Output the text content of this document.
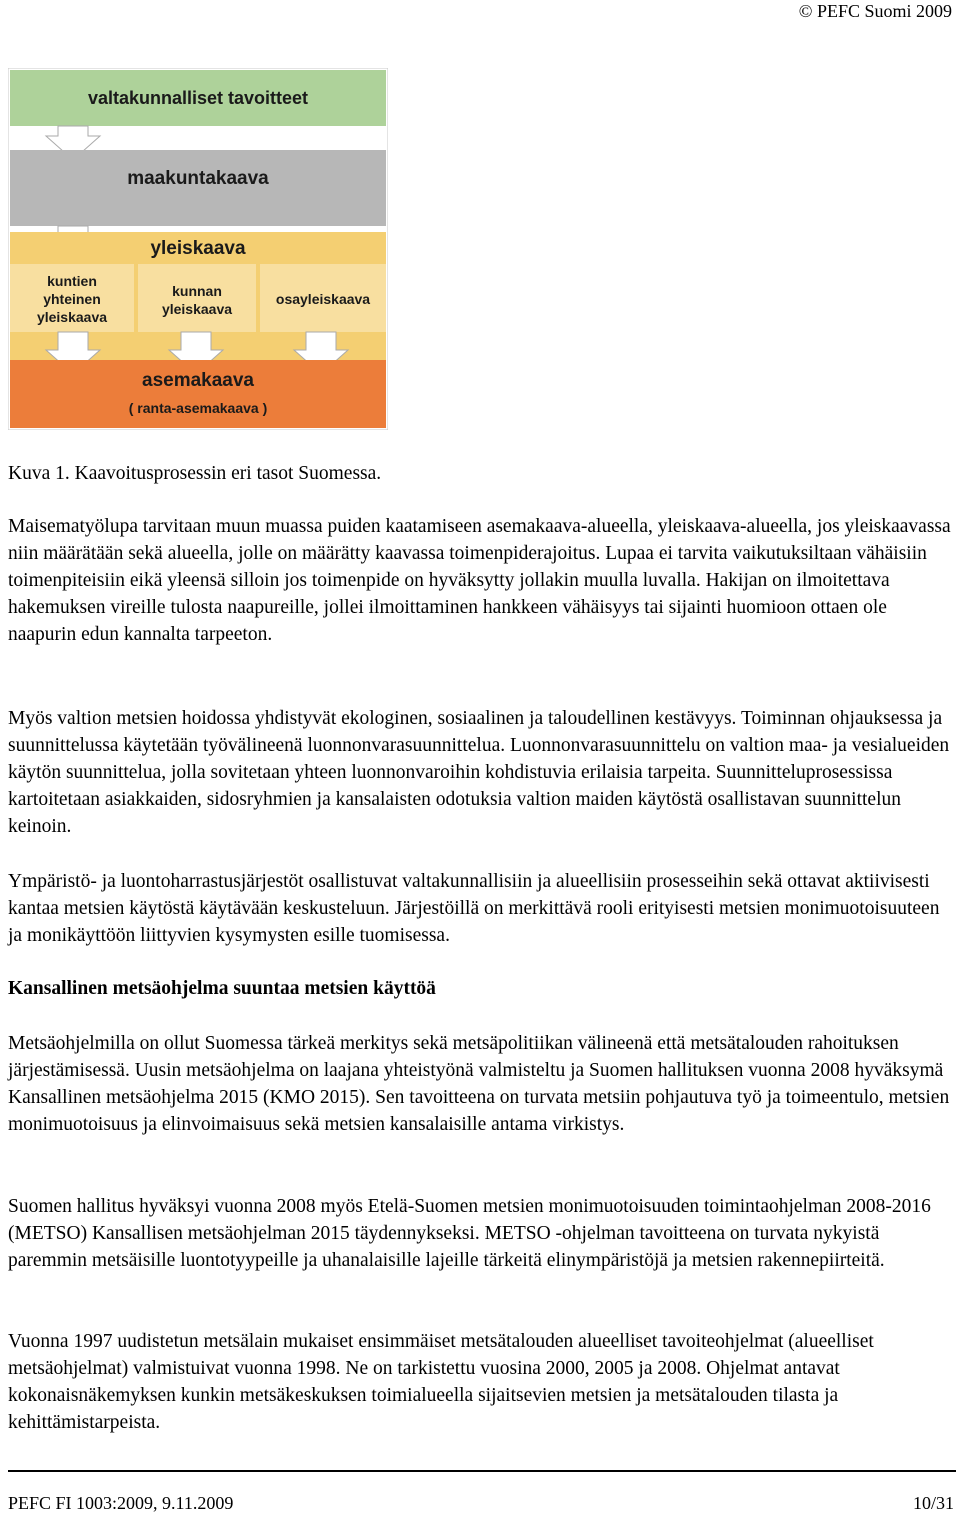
© PEFC Suomi 2009
valtakunnalliset tavoitteet
maakuntakaava
yleiskaava
kuntien
yhteinen
yleiskaava
kunnan
yleiskaava
osayleiskaava
asemakaava
( ranta-asemakaava )
Kuva 1. Kaavoitusprosessin eri tasot Suomessa.

Maisematyölupa tarvitaan muun muassa puiden kaatamiseen asemakaava-alueella, yleiskaava-alueella, jos yleiskaavassa niin määrätään sekä alueella, jolle on määrätty kaavassa toimenpiderajoitus. Lupaa ei tarvita vaikutuksiltaan vähäisiin toimenpiteisiin eikä yleensä silloin jos toimenpide on hyväksytty jollakin muulla luvalla. Hakijan on ilmoitettava hakemuksen vireille tulosta naapureille, jollei ilmoittaminen hankkeen vähäisyys tai sijainti huomioon ottaen ole naapurin edun kannalta tarpeeton.

Myös valtion metsien hoidossa yhdistyvät ekologinen, sosiaalinen ja taloudellinen kestävyys. Toiminnan ohjauksessa ja suunnittelussa käytetään työvälineenä luonnonvarasuunnittelua. Luonnonvarasuunnittelu on valtion maa- ja vesialueiden käytön suunnittelua, jolla sovitetaan yhteen luonnonvaroihin kohdistuvia erilaisia tarpeita. Suunnitteluprosessissa kartoitetaan asiakkaiden, sidosryhmien ja kansalaisten odotuksia valtion maiden käytöstä osallistavan suunnittelun keinoin.

Ympäristö- ja luontoharrastusjärjestöt osallistuvat valtakunnallisiin ja alueellisiin prosesseihin sekä ottavat aktiivisesti kantaa metsien käytöstä käytävään keskusteluun. Järjestöillä on merkittävä rooli erityisesti metsien monimuotoisuuteen ja monikäyttöön liittyvien kysymysten esille tuomisessa.

Kansallinen metsäohjelma suuntaa metsien käyttöä

Metsäohjelmilla on ollut Suomessa tärkeä merkitys sekä metsäpolitiikan välineenä että metsätalouden rahoituksen järjestämisessä. Uusin metsäohjelma on laajana yhteistyönä valmisteltu ja Suomen hallituksen vuonna 2008 hyväksymä Kansallinen metsäohjelma 2015 (KMO 2015). Sen tavoitteena on turvata metsiin pohjautuva työ ja toimeentulo, metsien monimuotoisuus ja elinvoimaisuus sekä metsien kansalaisille antama virkistys.

Suomen hallitus hyväksyi vuonna 2008 myös Etelä-Suomen metsien monimuotoisuuden toimintaohjelman 2008-2016 (METSO) Kansallisen metsäohjelman 2015 täydennykseksi. METSO -ohjelman tavoitteena on turvata nykyistä paremmin metsäisille luontotyypeille ja uhanalaisille lajeille tärkeitä elinympäristöjä ja metsien rakennepiirteitä.

Vuonna 1997 uudistetun metsälain mukaiset ensimmäiset metsätalouden alueelliset tavoiteohjelmat (alueelliset metsäohjelmat) valmistuivat vuonna 1998. Ne on tarkistettu vuosina 2000, 2005 ja 2008. Ohjelmat antavat kokonaisnäkemyksen kunkin metsäkeskuksen toimialueella sijaitsevien metsien ja metsätalouden tilasta ja kehittämistarpeista.

PEFC FI 1003:2009, 9.11.2009	10/31
